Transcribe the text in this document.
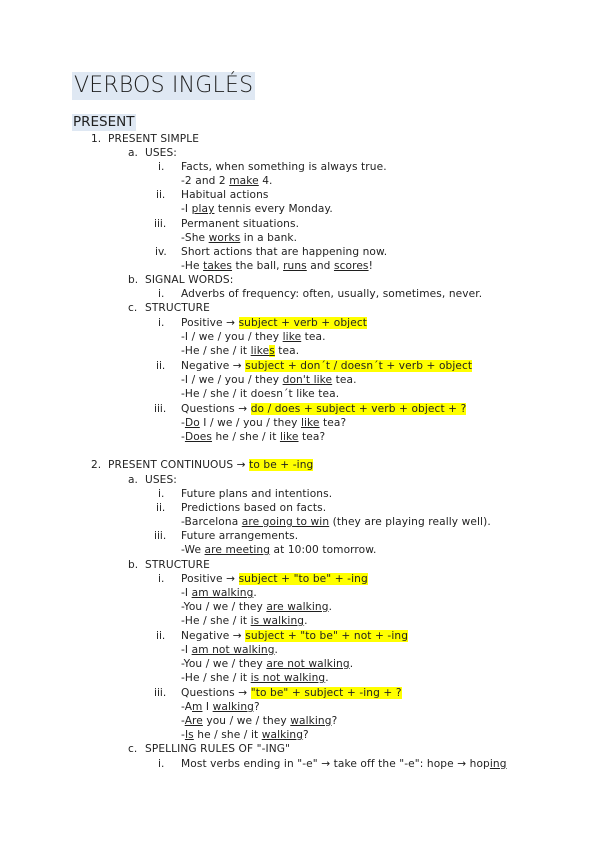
VERBOS INGLÉS
PRESENT
1. PRESENT SIMPLE
a. USES:
i. Facts, when something is always true.
-2 and 2 make 4.
ii. Habitual actions
-I play tennis every Monday.
iii. Permanent situations.
-She works in a bank.
iv. Short actions that are happening now.
-He takes the ball, runs and scores!
b. SIGNAL WORDS:
i. Adverbs of frequency: often, usually, sometimes, never.
c. STRUCTURE
i. Positive → subject + verb + object
-I / we / you / they like tea.
-He / she / it likes tea.
ii. Negative → subject + don´t / doesn´t + verb + object
-I / we / you / they don't like tea.
-He / she / it doesn´t like tea.
iii. Questions → do / does + subject + verb + object + ?
-Do I / we / you / they like tea?
-Does he / she / it like tea?
2. PRESENT CONTINUOUS → to be + -ing
a. USES:
i. Future plans and intentions.
ii. Predictions based on facts.
-Barcelona are going to win (they are playing really well).
iii. Future arrangements.
-We are meeting at 10:00 tomorrow.
b. STRUCTURE
i. Positive → subject + "to be" + -ing
-I am walking.
-You / we / they are walking.
-He / she / it is walking.
ii. Negative → subject + "to be" + not + -ing
-I am not walking.
-You / we / they are not walking.
-He / she / it is not walking.
iii. Questions → "to be" + subject + -ing + ?
-Am I walking?
-Are you / we / they walking?
-Is he / she / it walking?
c. SPELLING RULES OF "-ING"
i. Most verbs ending in "-e" → take off the "-e": hope → hoping
